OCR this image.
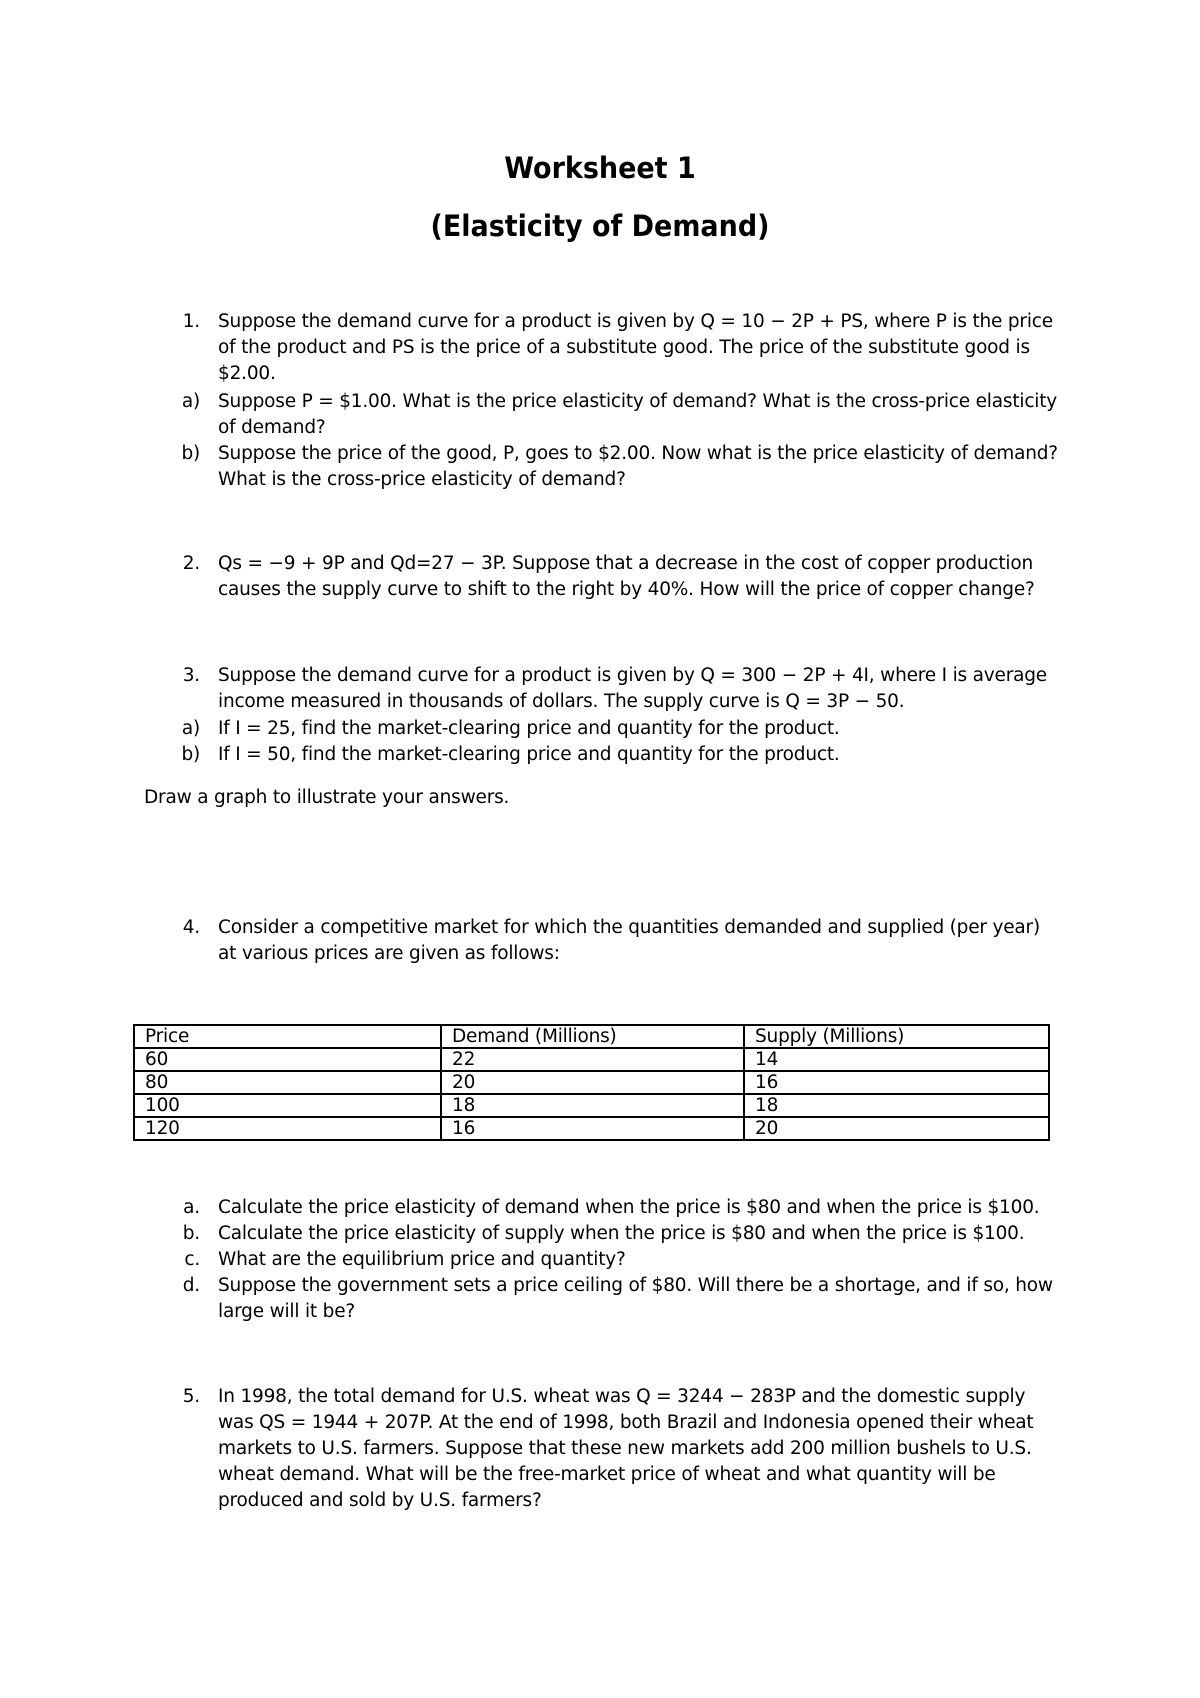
Worksheet 1
(Elasticity of Demand)
1. Suppose the demand curve for a product is given by Q = 10 − 2P + PS, where P is the price of the product and PS is the price of a substitute good. The price of the substitute good is $2.00.
a) Suppose P = $1.00. What is the price elasticity of demand? What is the cross-price elasticity of demand?
b) Suppose the price of the good, P, goes to $2.00. Now what is the price elasticity of demand? What is the cross-price elasticity of demand?
2. Qs = −9 + 9P and Qd=27 − 3P. Suppose that a decrease in the cost of copper production causes the supply curve to shift to the right by 40%. How will the price of copper change?
3. Suppose the demand curve for a product is given by Q = 300 − 2P + 4I, where I is average income measured in thousands of dollars. The supply curve is Q = 3P − 50.
a) If I = 25, find the market-clearing price and quantity for the product.
b) If I = 50, find the market-clearing price and quantity for the product.
Draw a graph to illustrate your answers.
4. Consider a competitive market for which the quantities demanded and supplied (per year) at various prices are given as follows:
Price	Demand (Millions)	Supply (Millions)
60	22	14
80	20	16
100	18	18
120	16	20
a. Calculate the price elasticity of demand when the price is $80 and when the price is $100.
b. Calculate the price elasticity of supply when the price is $80 and when the price is $100.
c. What are the equilibrium price and quantity?
d. Suppose the government sets a price ceiling of $80. Will there be a shortage, and if so, how large will it be?
5. In 1998, the total demand for U.S. wheat was Q = 3244 − 283P and the domestic supply was QS = 1944 + 207P. At the end of 1998, both Brazil and Indonesia opened their wheat markets to U.S. farmers. Suppose that these new markets add 200 million bushels to U.S. wheat demand. What will be the free-market price of wheat and what quantity will be produced and sold by U.S. farmers?
